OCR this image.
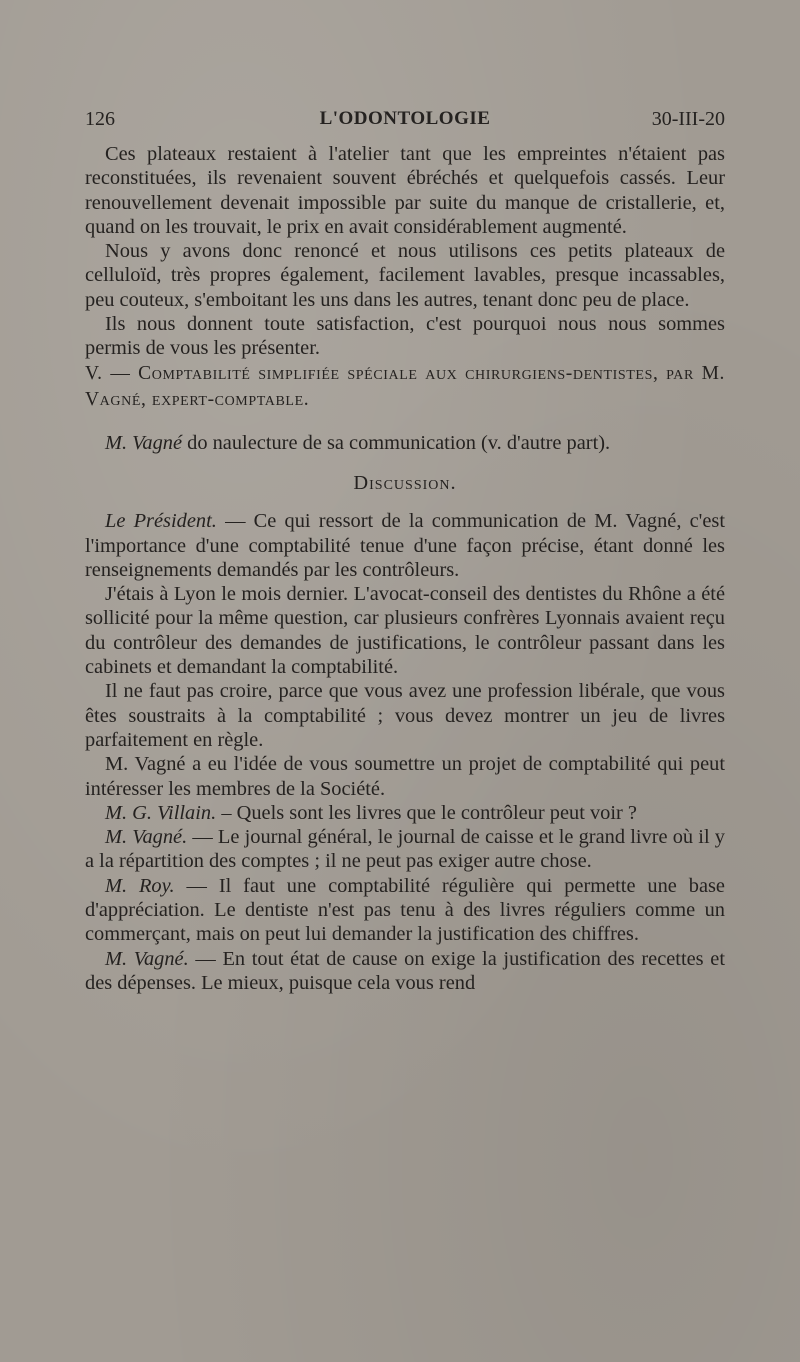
126	L'ODONTOLOGIE	30-III-20

Ces plateaux restaient à l'atelier tant que les empreintes n'étaient pas reconstituées, ils revenaient souvent ébréchés et quelquefois cassés. Leur renouvellement devenait impossible par suite du manque de cristallerie, et, quand on les trouvait, le prix en avait considérablement augmenté.

Nous y avons donc renoncé et nous utilisons ces petits plateaux de celluloïd, très propres également, facilement lavables, presque incassables, peu couteux, s'emboitant les uns dans les autres, tenant donc peu de place.

Ils nous donnent toute satisfaction, c'est pourquoi nous nous sommes permis de vous les présenter.

V. — Comptabilité simplifiée spéciale aux chirurgiens-dentistes, par M. Vagné, expert-comptable.

M. Vagné do naulecture de sa communication (v. d'autre part).

Discussion.

Le Président. — Ce qui ressort de la communication de M. Vagné, c'est l'importance d'une comptabilité tenue d'une façon précise, étant donné les renseignements demandés par les contrôleurs.

J'étais à Lyon le mois dernier. L'avocat-conseil des dentistes du Rhône a été sollicité pour la même question, car plusieurs confrères Lyonnais avaient reçu du contrôleur des demandes de justifications, le contrôleur passant dans les cabinets et demandant la comptabilité.

Il ne faut pas croire, parce que vous avez une profession libérale, que vous êtes soustraits à la comptabilité ; vous devez montrer un jeu de livres parfaitement en règle.

M. Vagné a eu l'idée de vous soumettre un projet de comptabilité qui peut intéresser les membres de la Société.

M. G. Villain. – Quels sont les livres que le contrôleur peut voir ?

M. Vagné. — Le journal général, le journal de caisse et le grand livre où il y a la répartition des comptes ; il ne peut pas exiger autre chose.

M. Roy. — Il faut une comptabilité régulière qui permette une base d'appréciation. Le dentiste n'est pas tenu à des livres réguliers comme un commerçant, mais on peut lui demander la justification des chiffres.

M. Vagné. — En tout état de cause on exige la justification des recettes et des dépenses. Le mieux, puisque cela vous rend
